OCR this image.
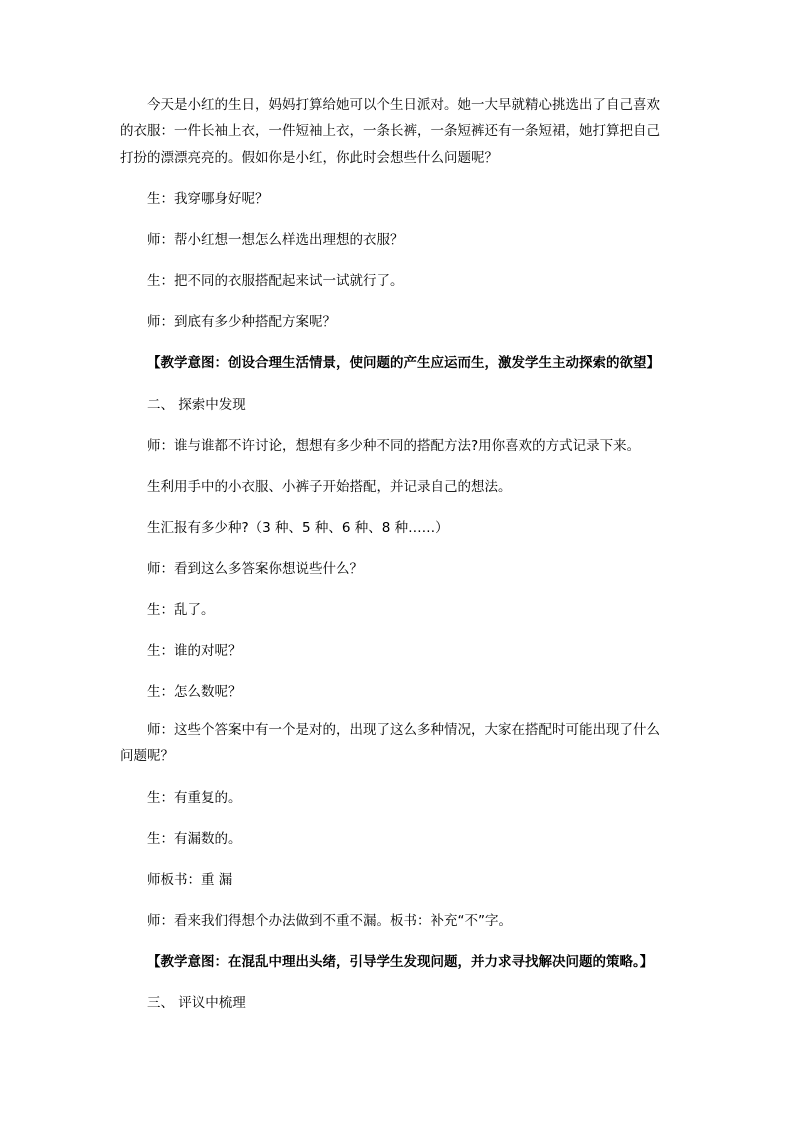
今天是小红的生日，妈妈打算给她可以个生日派对。她一大早就精心挑选出了自己喜欢
的衣服：一件长袖上衣，一件短袖上衣，一条长裤，一条短裤还有一条短裙，她打算把自己
打扮的漂漂亮亮的。假如你是小红，你此时会想些什么问题呢？
生：我穿哪身好呢？
师：帮小红想一想怎么样选出理想的衣服？
生：把不同的衣服搭配起来试一试就行了。
师：到底有多少种搭配方案呢？
【教学意图：创设合理生活情景，使问题的产生应运而生，激发学生主动探索的欲望】
二、 探索中发现
师：谁与谁都不许讨论，想想有多少种不同的搭配方法?用你喜欢的方式记录下来。
生利用手中的小衣服、小裤子开始搭配，并记录自己的想法。
生汇报有多少种?（3 种、5 种、6 种、8 种……）
师：看到这么多答案你想说些什么？
生：乱了。
生：谁的对呢？
生：怎么数呢？
师：这些个答案中有一个是对的，出现了这么多种情况，大家在搭配时可能出现了什么
问题呢？
生：有重复的。
生：有漏数的。
师板书：重 漏
师：看来我们得想个办法做到不重不漏。板书：补充“不”字。
【教学意图：在混乱中理出头绪，引导学生发现问题，并力求寻找解决问题的策略。】
三、 评议中梳理
